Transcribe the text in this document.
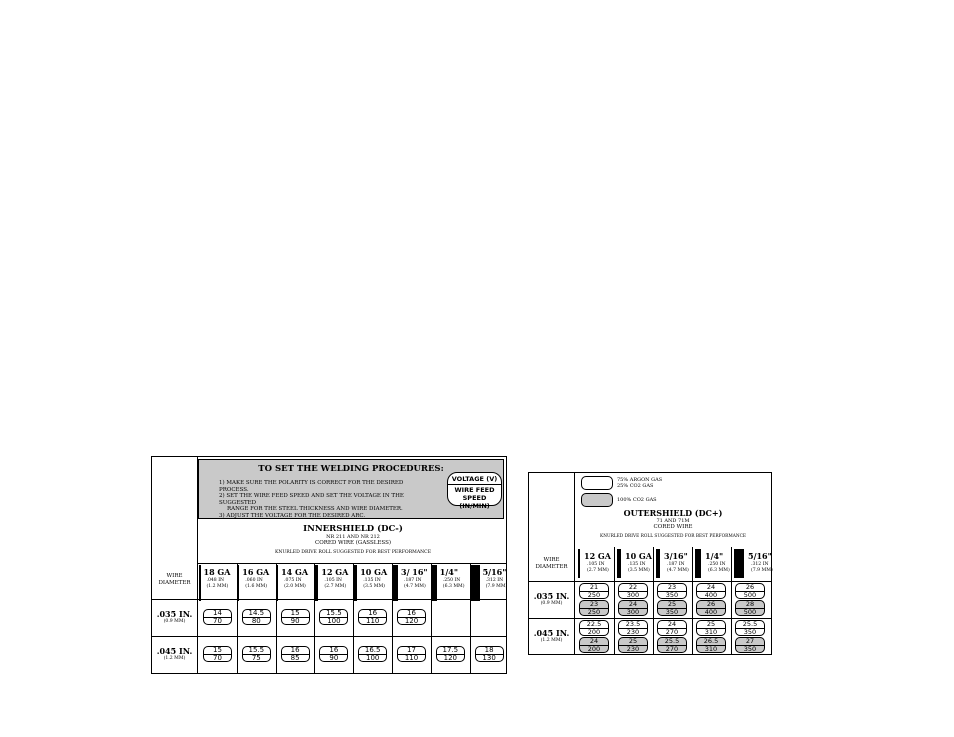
TO SET THE WELDING PROCEDURES:
1) MAKE SURE THE POLARITY IS CORRECT FOR THE DESIRED PROCESS.
2) SET THE WIRE FEED SPEED AND SET THE VOLTAGE IN THE SUGGESTED
RANGE FOR THE STEEL THICKNESS AND WIRE DIAMETER.
3) ADJUST THE VOLTAGE FOR THE DESIRED ARC.
VOLTAGE (V)
WIRE FEED
SPEED (IN/MIN)
INNERSHIELD (DC-)
NR 211 AND NR 212
CORED WIRE (GASSLESS)
KNURLED DRIVE ROLL SUGGESTED FOR BEST PERFORMANCE
WIRE
DIAMETER
18 GA
.048 IN
(1.2 MM)
16 GA
.060 IN
(1.6 MM)
14 GA
.075 IN
(2.0 MM)
12 GA
.105 IN
(2.7 MM)
10 GA
.135 IN
(3.5 MM)
3/ 16"
.187 IN
(4.7 MM)
1/4"
.250 IN
(6.3 MM)
5/16"
.312 IN
(7.9 MM)
.035 IN.
(0.9 MM)
14
70
14.5
80
15
90
15.5
100
16
110
16
120
.045 IN.
(1.2 MM)
15
70
15.5
75
16
85
16
90
16.5
100
17
110
17.5
120
18
130
75% ARGON GAS
25% CO2 GAS
100% CO2 GAS
OUTERSHIELD (DC+)
71 AND 71M
CORED WIRE
KNURLED DRIVE ROLL SUGGESTED FOR BEST PERFORMANCE
WIRE
DIAMETER
12 GA
.105 IN
(2.7 MM)
10 GA
.135 IN
(3.5 MM)
3/16"
.187 IN
(4.7 MM)
1/4"
.250 IN
(6.3 MM)
5/16"
.312 IN
(7.9 MM)
.035 IN.
(0.9 MM)
21
250
23
250
22
300
24
300
23
350
25
350
24
400
26
400
26
500
28
500
.045 IN.
(1.2 MM)
22.5
200
24
200
23.5
230
25
230
24
270
25.5
270
25
310
26.5
310
25.5
350
27
350
